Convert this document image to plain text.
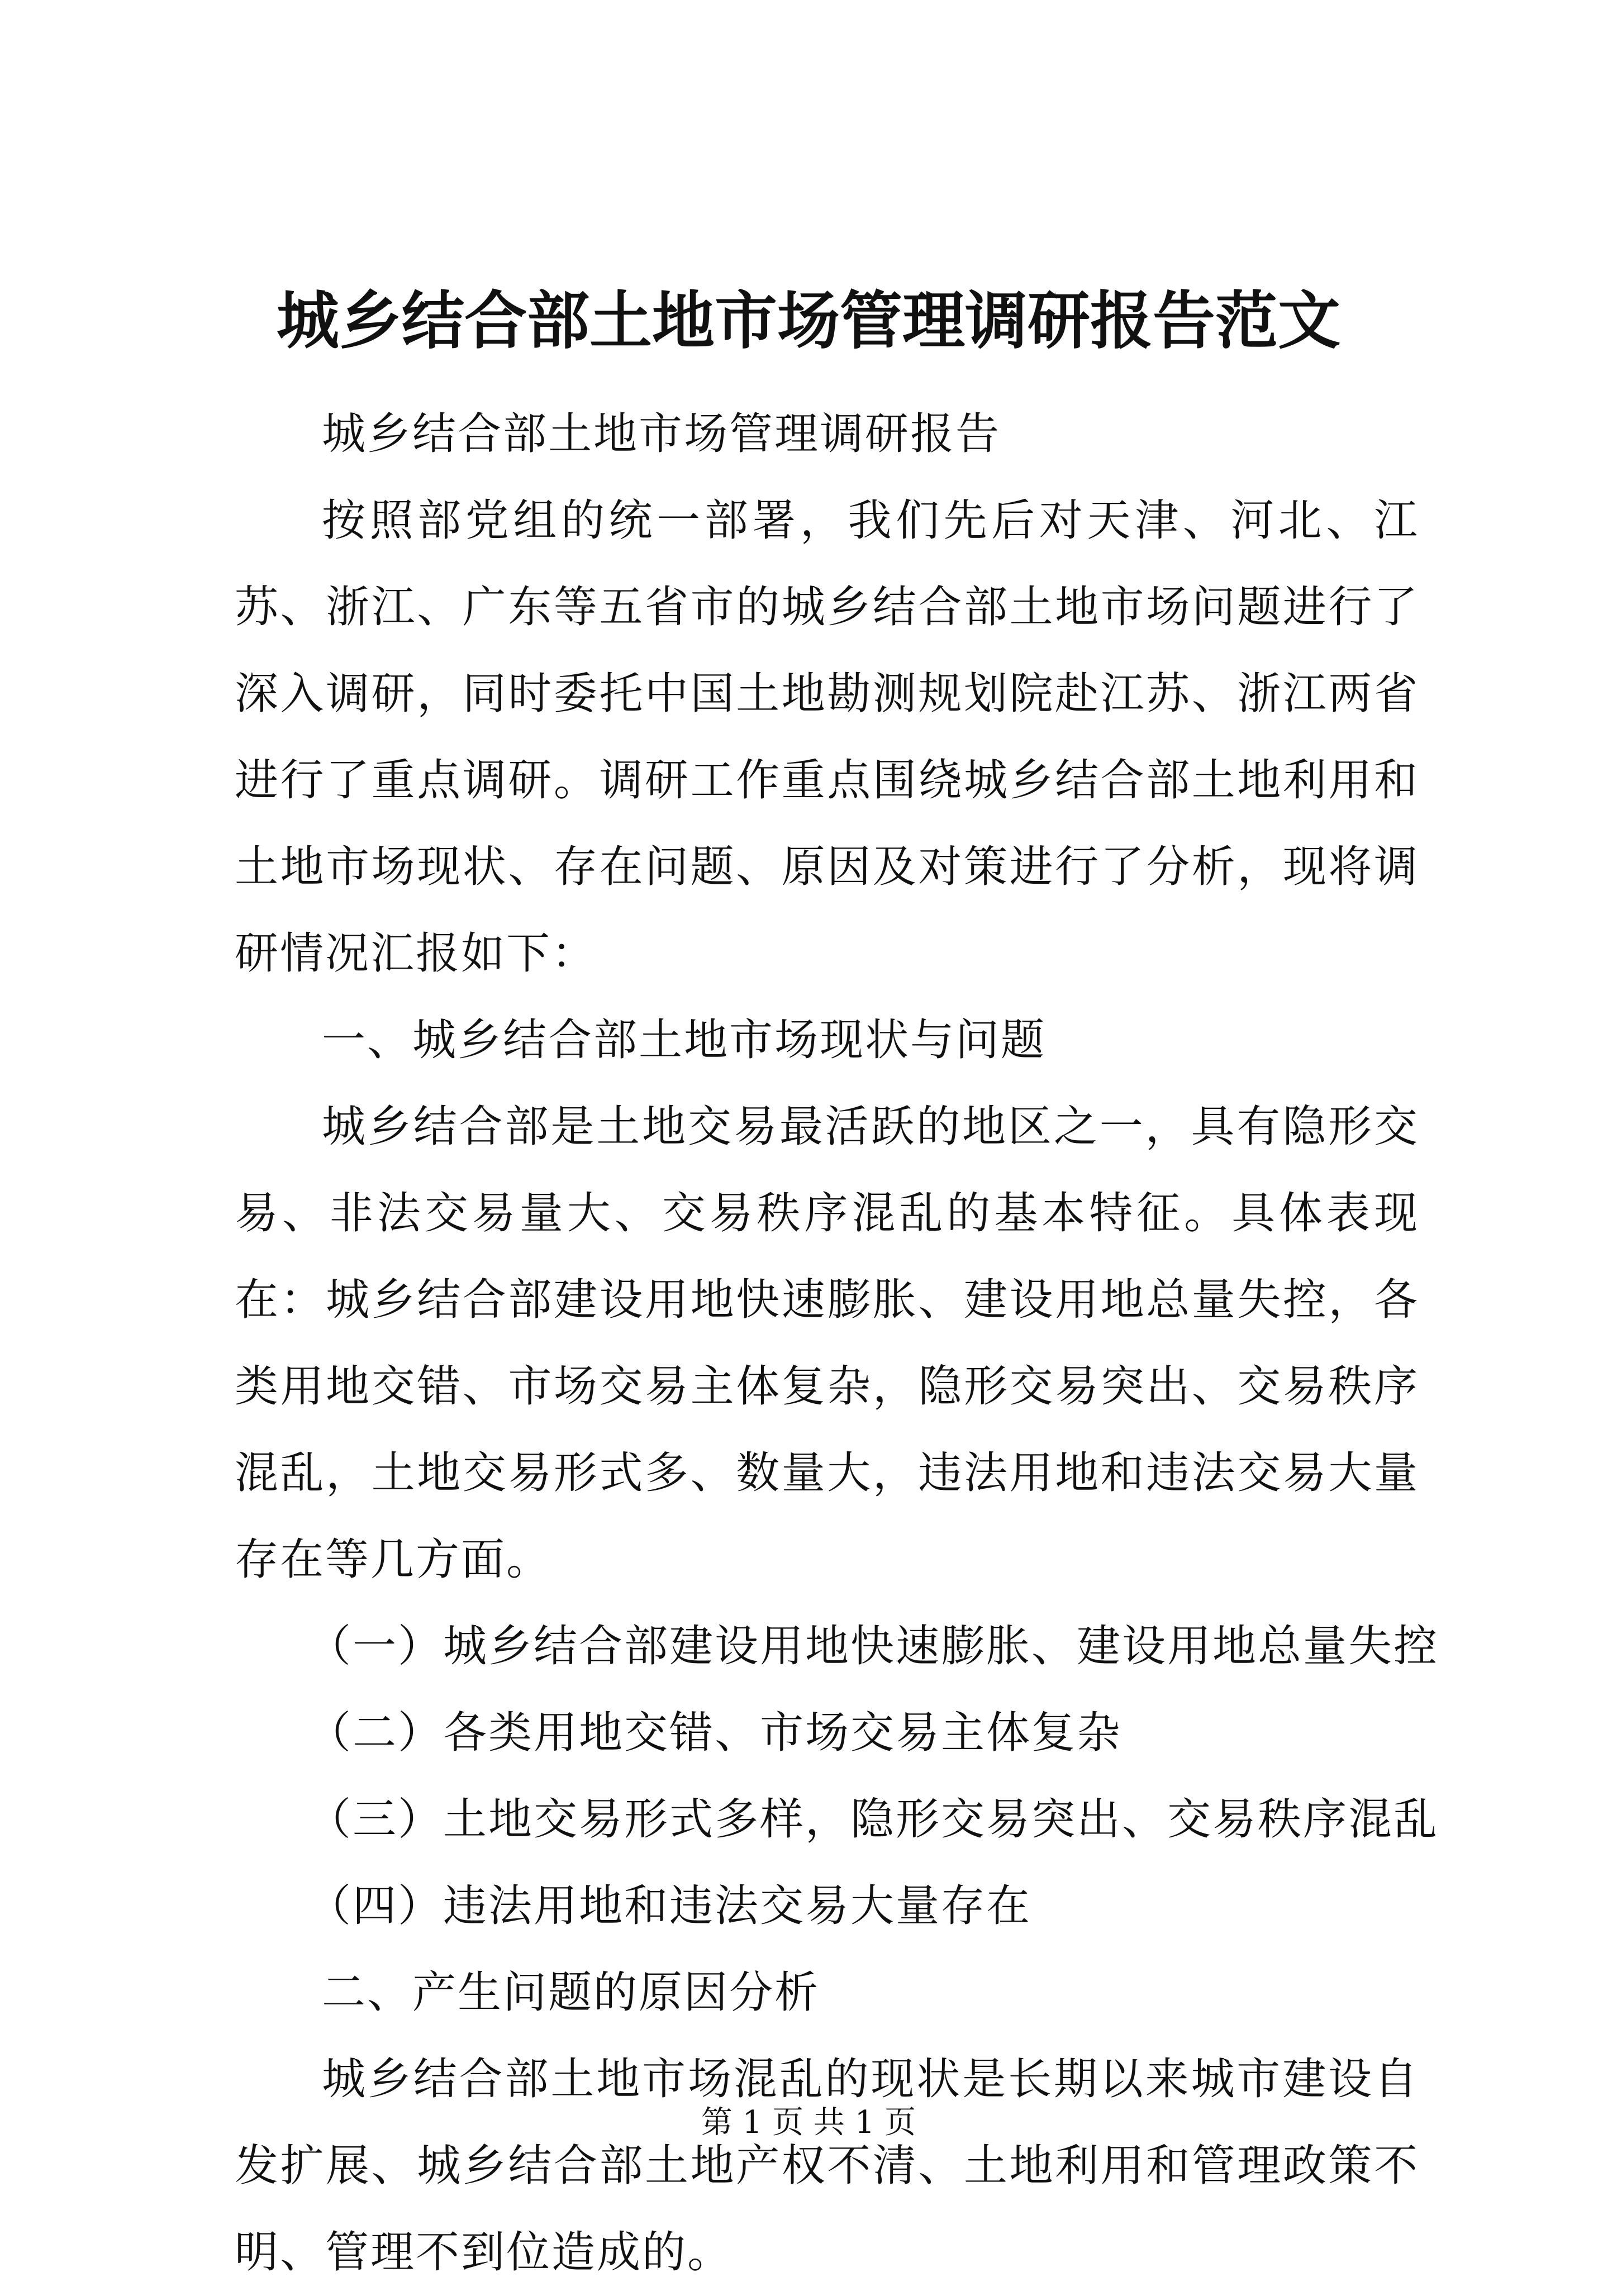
城乡结合部土地市场管理调研报告范文

城乡结合部土地市场管理调研报告

按照部党组的统一部署，我们先后对天津、河北、江苏、浙江、广东等五省市的城乡结合部土地市场问题进行了深入调研，同时委托中国土地勘测规划院赴江苏、浙江两省进行了重点调研。调研工作重点围绕城乡结合部土地利用和土地市场现状、存在问题、原因及对策进行了分析，现将调研情况汇报如下：

一、城乡结合部土地市场现状与问题

城乡结合部是土地交易最活跃的地区之一，具有隐形交易、非法交易量大、交易秩序混乱的基本特征。具体表现在：城乡结合部建设用地快速膨胀、建设用地总量失控，各类用地交错、市场交易主体复杂，隐形交易突出、交易秩序混乱，土地交易形式多、数量大，违法用地和违法交易大量存在等几方面。

（一）城乡结合部建设用地快速膨胀、建设用地总量失控

（二）各类用地交错、市场交易主体复杂

（三）土地交易形式多样，隐形交易突出、交易秩序混乱

（四）违法用地和违法交易大量存在

二、产生问题的原因分析

城乡结合部土地市场混乱的现状是长期以来城市建设自发扩展、城乡结合部土地产权不清、土地利用和管理政策不明、管理不到位造成的。

第 1 页 共 1 页
